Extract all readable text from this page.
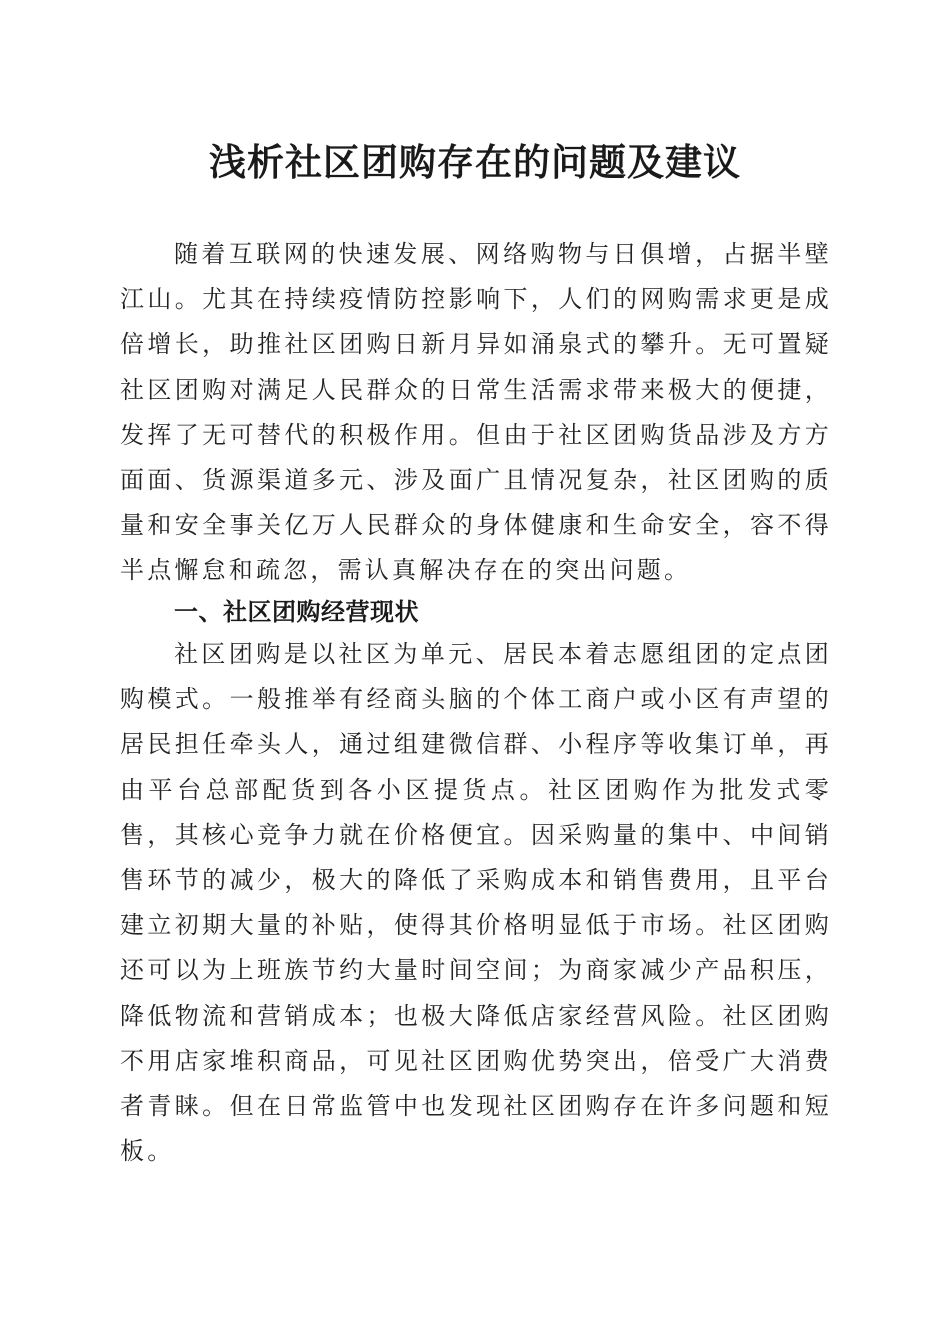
浅析社区团购存在的问题及建议

随着互联网的快速发展、网络购物与日俱增，占据半壁江山。尤其在持续疫情防控影响下，人们的网购需求更是成倍增长，助推社区团购日新月异如涌泉式的攀升。无可置疑社区团购对满足人民群众的日常生活需求带来极大的便捷，发挥了无可替代的积极作用。但由于社区团购货品涉及方方面面、货源渠道多元、涉及面广且情况复杂，社区团购的质量和安全事关亿万人民群众的身体健康和生命安全，容不得半点懈怠和疏忽，需认真解决存在的突出问题。

一、社区团购经营现状

社区团购是以社区为单元、居民本着志愿组团的定点团购模式。一般推举有经商头脑的个体工商户或小区有声望的居民担任牵头人，通过组建微信群、小程序等收集订单，再由平台总部配货到各小区提货点。社区团购作为批发式零售，其核心竞争力就在价格便宜。因采购量的集中、中间销售环节的减少，极大的降低了采购成本和销售费用，且平台建立初期大量的补贴，使得其价格明显低于市场。社区团购还可以为上班族节约大量时间空间；为商家减少产品积压，降低物流和营销成本；也极大降低店家经营风险。社区团购不用店家堆积商品，可见社区团购优势突出，倍受广大消费者青睐。但在日常监管中也发现社区团购存在许多问题和短板。
